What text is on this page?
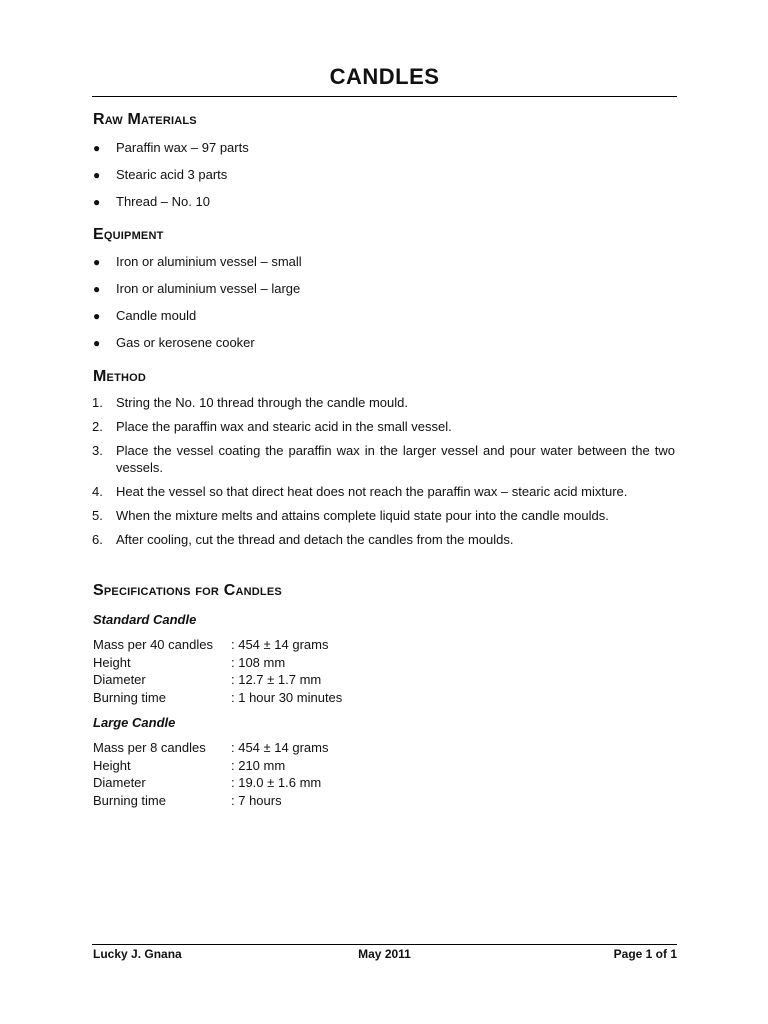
CANDLES
Raw Materials
● Paraffin wax – 97 parts
● Stearic acid 3 parts
● Thread – No. 10
Equipment
● Iron or aluminium vessel – small
● Iron or aluminium vessel – large
● Candle mould
● Gas or kerosene cooker
Method
1. String the No. 10 thread through the candle mould.
2. Place the paraffin wax and stearic acid in the small vessel.
3. Place the vessel coating the paraffin wax in the larger vessel and pour water between the two vessels.
4. Heat the vessel so that direct heat does not reach the paraffin wax – stearic acid mixture.
5. When the mixture melts and attains complete liquid state pour into the candle moulds.
6. After cooling, cut the thread and detach the candles from the moulds.
Specifications for Candles
Standard Candle
Mass per 40 candles : 454 ± 14 grams
Height	: 108 mm
Diameter	: 12.7 ± 1.7 mm
Burning time	: 1 hour 30 minutes
Large Candle
Mass per 8 candles : 454 ± 14 grams
Height	: 210 mm
Diameter	: 19.0 ± 1.6 mm
Burning time	: 7 hours
Lucky J. Gnana	May 2011	Page 1 of 1
